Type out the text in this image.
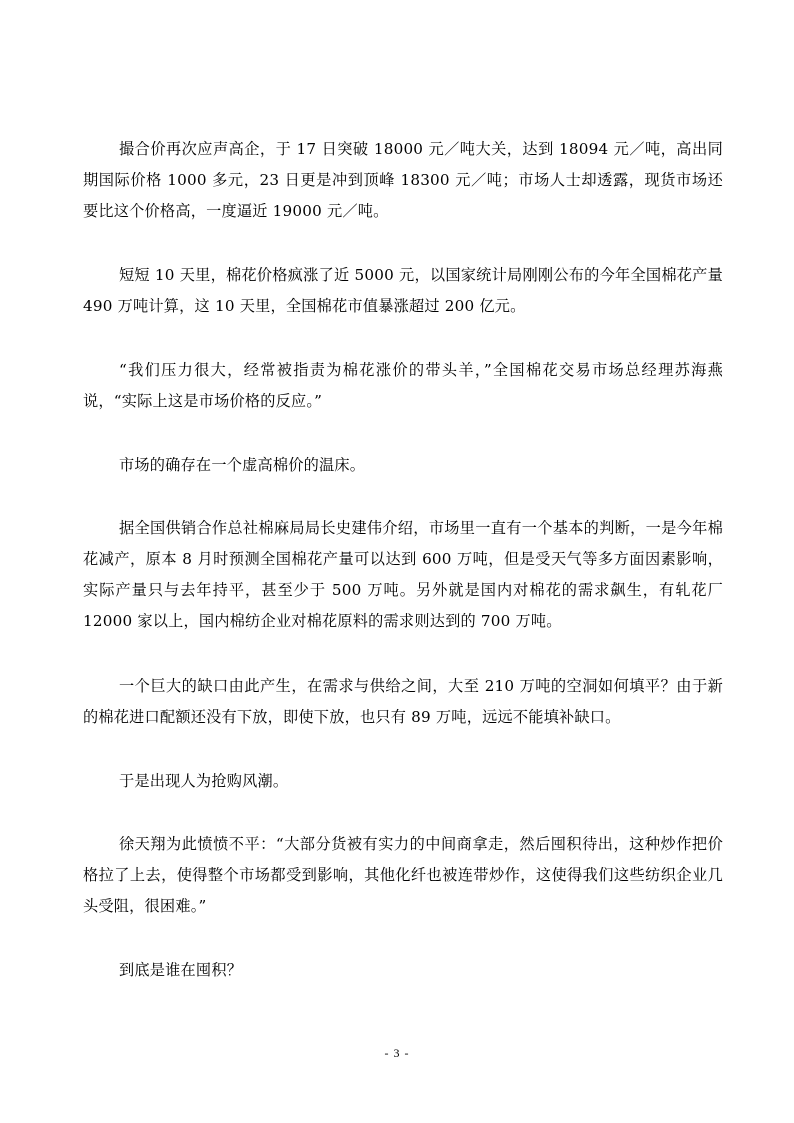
撮合价再次应声高企，于 17 日突破 18000 元／吨大关，达到 18094 元／吨，高出同期国际价格 1000 多元，23 日更是冲到顶峰 18300 元／吨；市场人士却透露，现货市场还要比这个价格高，一度逼近 19000 元／吨。

短短 10 天里，棉花价格疯涨了近 5000 元，以国家统计局刚刚公布的今年全国棉花产量 490 万吨计算，这 10 天里，全国棉花市值暴涨超过 200 亿元。

“我们压力很大，经常被指责为棉花涨价的带头羊，”全国棉花交易市场总经理苏海燕说，“实际上这是市场价格的反应。”

市场的确存在一个虚高棉价的温床。

据全国供销合作总社棉麻局局长史建伟介绍，市场里一直有一个基本的判断，一是今年棉花减产，原本 8 月时预测全国棉花产量可以达到 600 万吨，但是受天气等多方面因素影响，实际产量只与去年持平，甚至少于 500 万吨。另外就是国内对棉花的需求飙生，有轧花厂 12000 家以上，国内棉纺企业对棉花原料的需求则达到的 700 万吨。

一个巨大的缺口由此产生，在需求与供给之间，大至 210 万吨的空洞如何填平？由于新的棉花进口配额还没有下放，即使下放，也只有 89 万吨，远远不能填补缺口。

于是出现人为抢购风潮。

徐天翔为此愤愤不平：“大部分货被有实力的中间商拿走，然后囤积待出，这种炒作把价格拉了上去，使得整个市场都受到影响，其他化纤也被连带炒作，这使得我们这些纺织企业几头受阻，很困难。”

到底是谁在囤积？

- 3 -
